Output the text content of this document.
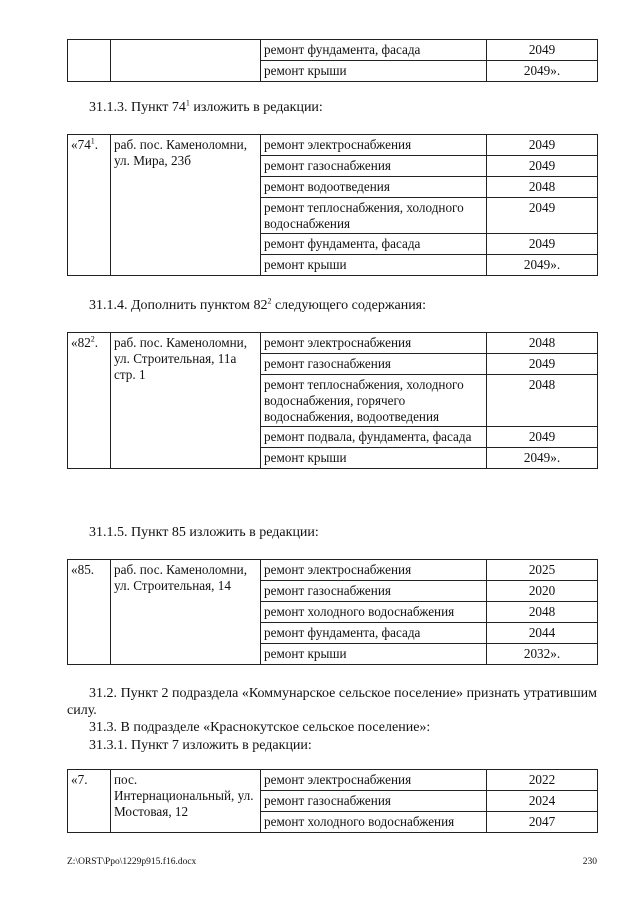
		ремонт фундамента, фасада	2049
		ремонт крыши	2049».
31.1.3. Пункт $74^1$ изложить в редакции:
«$74^1$.	раб. пос. Каменоломни, ул. Мира, 23б	ремонт электроснабжения	2049
		ремонт газоснабжения	2049
		ремонт водоотведения	2048
		ремонт теплоснабжения, холодного водоснабжения	2049
		ремонт фундамента, фасада	2049
		ремонт крыши	2049».
31.1.4. Дополнить пунктом $82^2$ следующего содержания:
«$82^2$.	раб. пос. Каменоломни, ул. Строительная, 11а стр. 1	ремонт электроснабжения	2048
		ремонт газоснабжения	2049
		ремонт теплоснабжения, холодного водоснабжения, горячего водоснабжения, водоотведения	2048
		ремонт подвала, фундамента, фасада	2049
		ремонт крыши	2049».
31.1.5. Пункт 85 изложить в редакции:
«85.	раб. пос. Каменоломни, ул. Строительная, 14	ремонт электроснабжения	2025
		ремонт газоснабжения	2020
		ремонт холодного водоснабжения	2048
		ремонт фундамента, фасада	2044
		ремонт крыши	2032».
31.2. Пункт 2 подраздела «Коммунарское сельское поселение» признать утратившим силу.
31.3. В подразделе «Краснокутское сельское поселение»:
31.3.1. Пункт 7 изложить в редакции:
«7.	пос. Интернациональный, ул. Мостовая, 12	ремонт электроснабжения	2022
		ремонт газоснабжения	2024
		ремонт холодного водоснабжения	2047
Z:\ORST\Ppo\1229p915.f16.docx	230
